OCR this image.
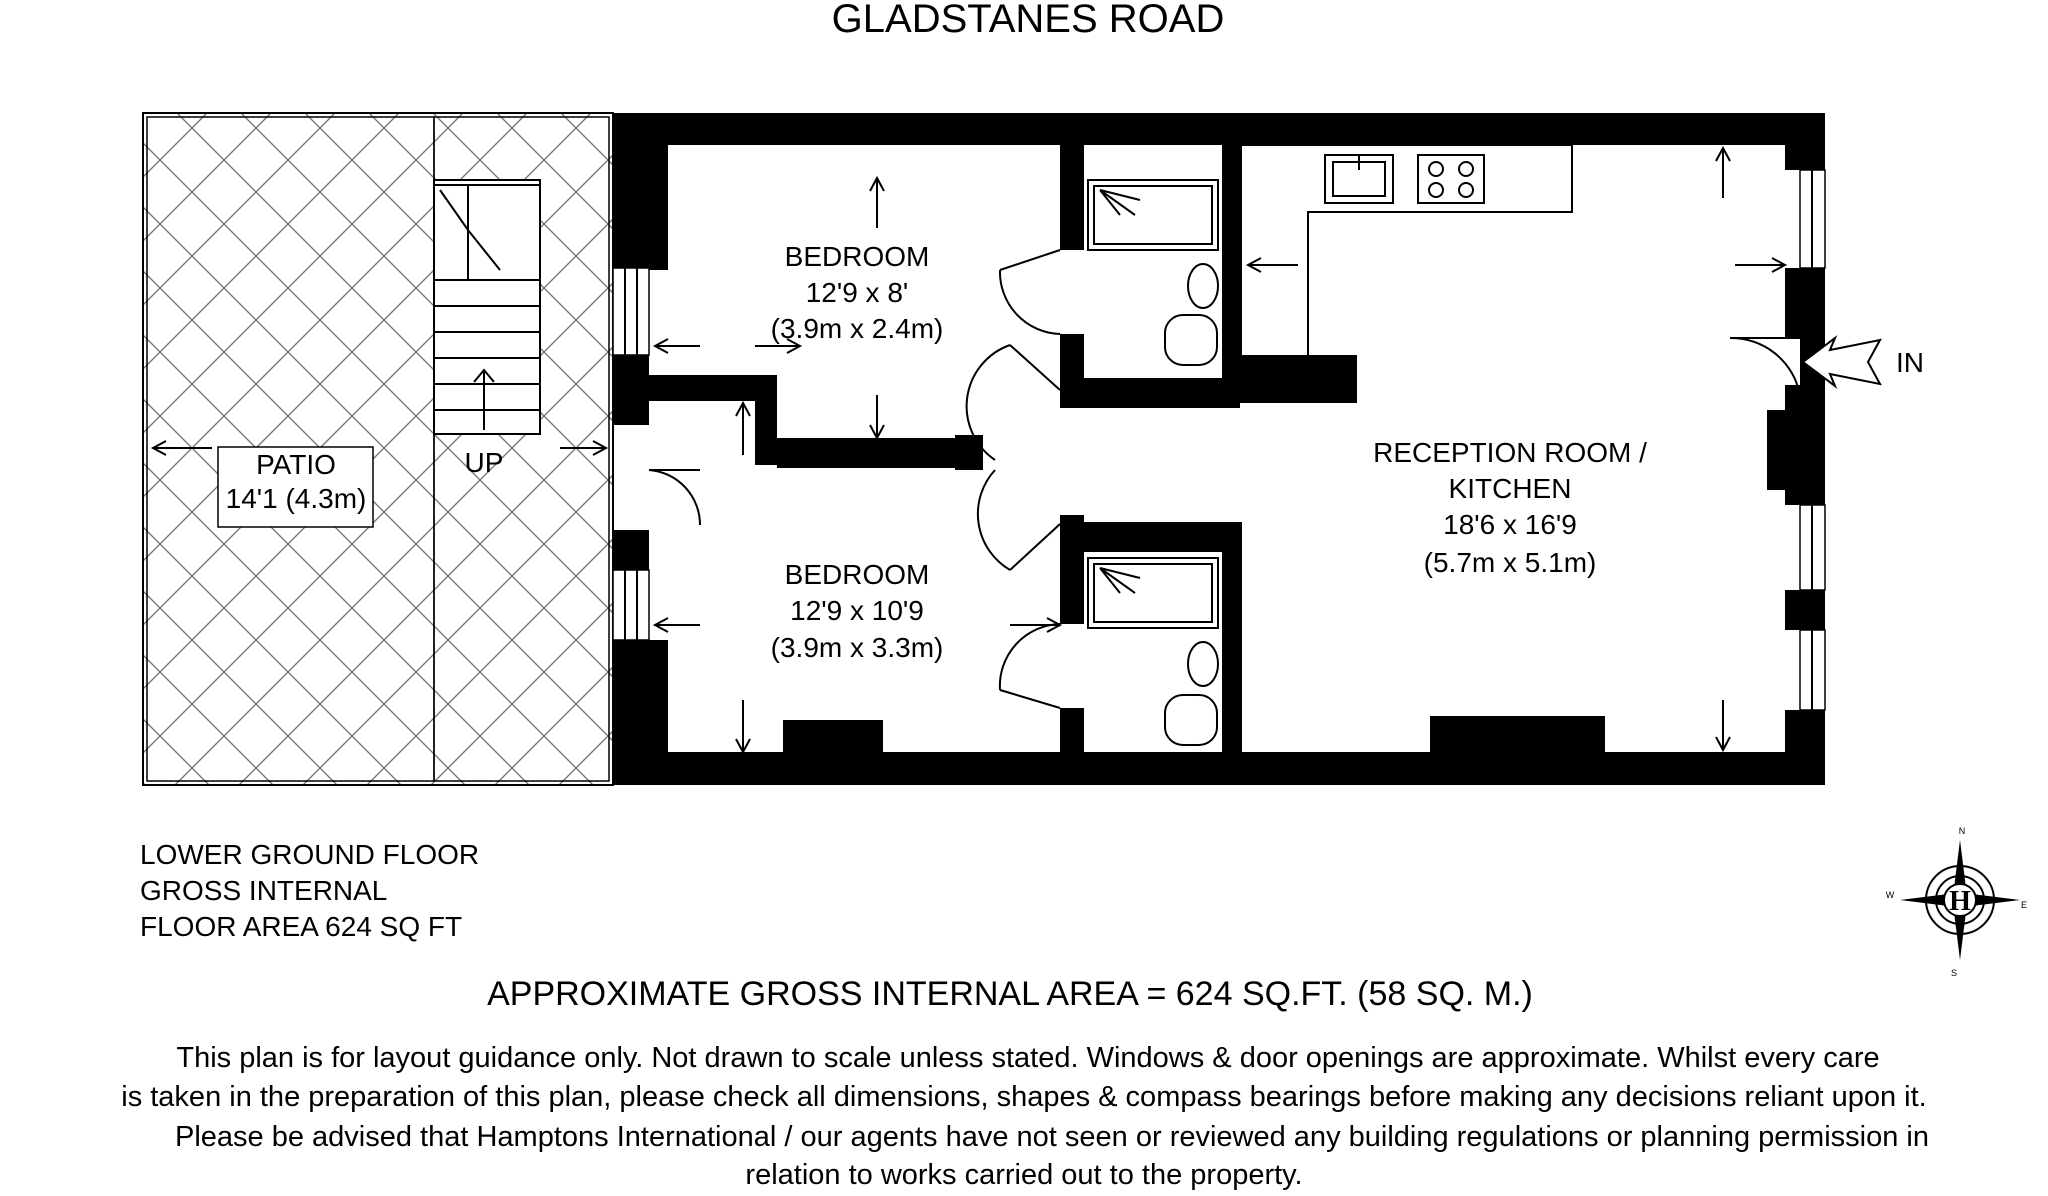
GLADSTANES ROAD
UP
PATIO
14'1 (4.3m)
IN
BEDROOM
12'9 x 8'
(3.9m x 2.4m)
BEDROOM
12'9 x 10'9
(3.9m x 3.3m)
RECEPTION ROOM /
KITCHEN
18'6 x 16'9
(5.7m x 5.1m)
LOWER GROUND FLOOR
GROSS INTERNAL
FLOOR AREA 624 SQ FT
H
N
S
W
E
APPROXIMATE GROSS INTERNAL AREA = 624 SQ.FT. (58 SQ. M.)
This plan is for layout guidance only. Not drawn to scale unless stated. Windows & door openings are approximate. Whilst every care
is taken in the preparation of this plan, please check all dimensions, shapes & compass bearings before making any decisions reliant upon it.
Please be advised that Hamptons International / our agents have not seen or reviewed any building regulations or planning permission in
relation to works carried out to the property.
